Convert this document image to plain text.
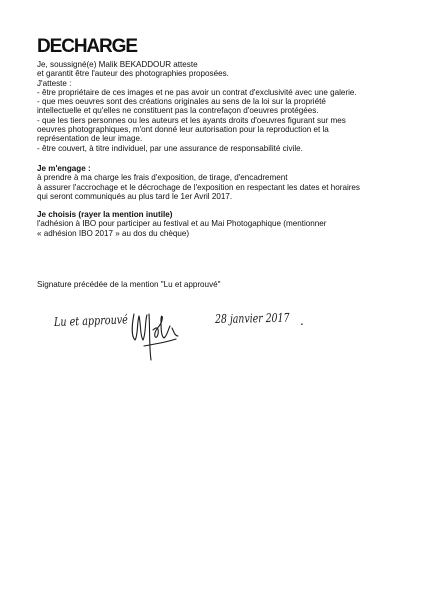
DECHARGE
Je, soussigné(e) Malik BEKADDOUR atteste
et garantit être l'auteur des photographies proposées.
J'atteste :
- être propriétaire de ces images et ne pas avoir un contrat d'exclusivité avec une galerie.
- que mes oeuvres sont des créations originales au sens de la loi sur la propriété
intellectuelle et qu'elles ne constituent pas la contrefaçon d'oeuvres protégées.
- que les tiers personnes ou les auteurs et les ayants droits d'oeuvres figurant sur mes
oeuvres photographiques, m'ont donné leur autorisation pour la reproduction et la
représentation de leur image.
- être couvert, à titre individuel, par une assurance de responsabilité civile.
Je m'engage :
à prendre à ma charge les frais d'exposition, de tirage, d'encadrement
à assurer l'accrochage et le décrochage de l'exposition en respectant les dates et horaires
qui seront communiqués au plus tard le 1er Avril 2017.
Je choisis (rayer la mention inutile)
l'adhésion à IBO pour participer au festival et au Mai Photogaphique (mentionner
« adhésion IBO 2017 » au dos du chèque)
Signature précédée de la mention "Lu et approuvé"
Lu et approuvé	28 janvier 2017 .
